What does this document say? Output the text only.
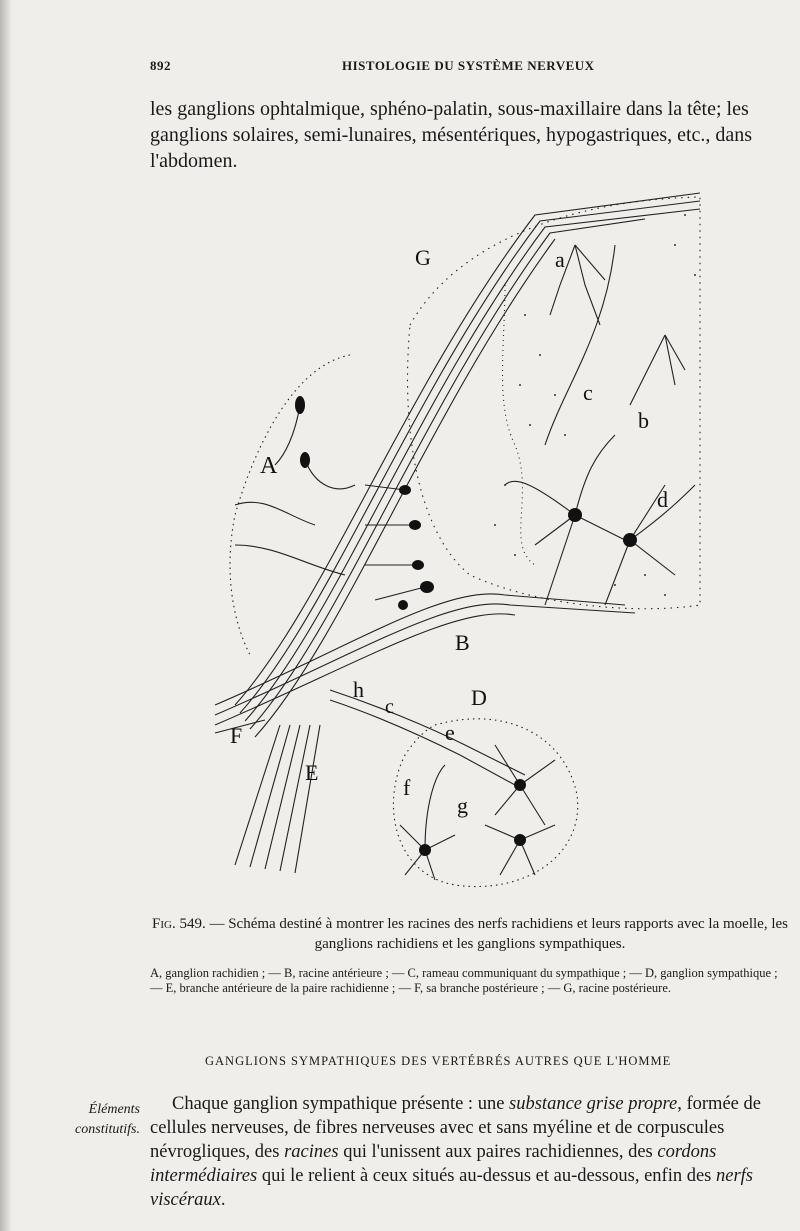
892	HISTOLOGIE DU SYSTÈME NERVEUX
les ganglions ophtalmique, sphéno-palatin, sous-maxillaire dans la tête; les ganglions solaires, semi-lunaires, mésentériques, hypogastriques, etc., dans l'abdomen.
G	a
A
c
b
d
B
h
c	D
e
F
E
f
g
Fig. 549. — Schéma destiné à montrer les racines des nerfs rachidiens et leurs rapports avec la moelle, les ganglions rachidiens et les ganglions sympathiques.
A, ganglion rachidien ; — B, racine antérieure ; — C, rameau communiquant du sympathique ; — D, ganglion sympathique ; — E, branche antérieure de la paire rachidienne ; — F, sa branche postérieure ; — G, racine postérieure.
GANGLIONS SYMPATHIQUES DES VERTÉBRÉS AUTRES QUE L'HOMME
Éléments
constitutifs.
Chaque ganglion sympathique présente : une substance grise propre, formée de cellules nerveuses, de fibres nerveuses avec et sans myéline et de corpuscules névrogliques, des racines qui l'unissent aux paires rachidiennes, des cordons intermédiaires qui le relient à ceux situés au-dessus et au-dessous, enfin des nerfs viscéraux.
